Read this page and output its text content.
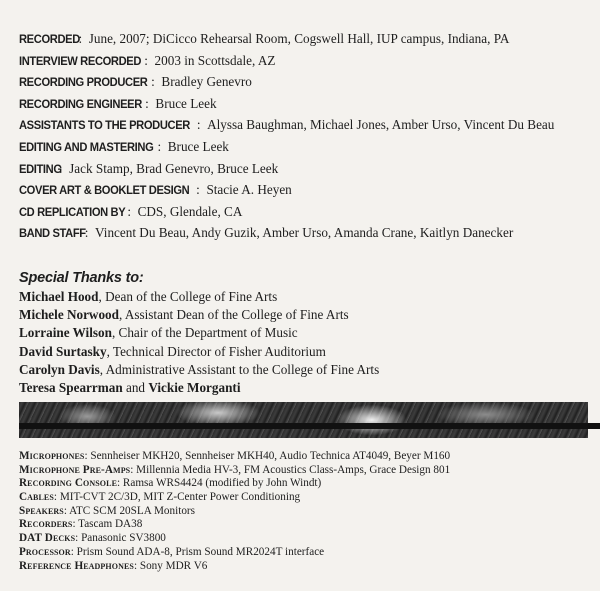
RECORDED:  June, 2007; DiCicco Rehearsal Room, Cogswell Hall, IUP campus, Indiana, PA
INTERVIEW RECORDED :  2003 in Scottsdale, AZ
RECORDING PRODUCER :  Bradley Genevro
RECORDING ENGINEER :  Bruce Leek
ASSISTANTS TO THE PRODUCER :  Alyssa Baughman, Michael Jones, Amber Urso, Vincent Du Beau
EDITING AND MASTERING :  Bruce Leek
EDITING:  Jack Stamp, Brad Genevro, Bruce Leek
COVER ART & BOOKLET DESIGN :  Stacie A. Heyen
CD REPLICATION BY :  CDS, Glendale, CA
BAND STAFF:  Vincent Du Beau, Andy Guzik, Amber Urso, Amanda Crane, Kaitlyn Danecker
Special Thanks to:
Michael Hood, Dean of the College of Fine Arts
Michele Norwood, Assistant Dean of the College of Fine Arts
Lorraine Wilson, Chair of the Department of Music
David Surtasky, Technical Director of Fisher Auditorium
Carolyn Davis, Administrative Assistant to the College of Fine Arts
Teresa Spearrman and Vickie Morganti
Microphones: Sennheiser MKH20, Sennheiser MKH40, Audio Technica AT4049, Beyer M160
Microphone Pre-Amps: Millennia Media HV-3, FM Acoustics Class-Amps, Grace Design 801
Recording Console: Ramsa WRS4424 (modified by John Windt)
Cables: MIT-CVT 2C/3D, MIT Z-Center Power Conditioning
Speakers: ATC SCM 20SLA Monitors
Recorders: Tascam DA38
DAT Decks: Panasonic SV3800
Processor: Prism Sound ADA-8, Prism Sound MR2024T interface
Reference Headphones: Sony MDR V6
